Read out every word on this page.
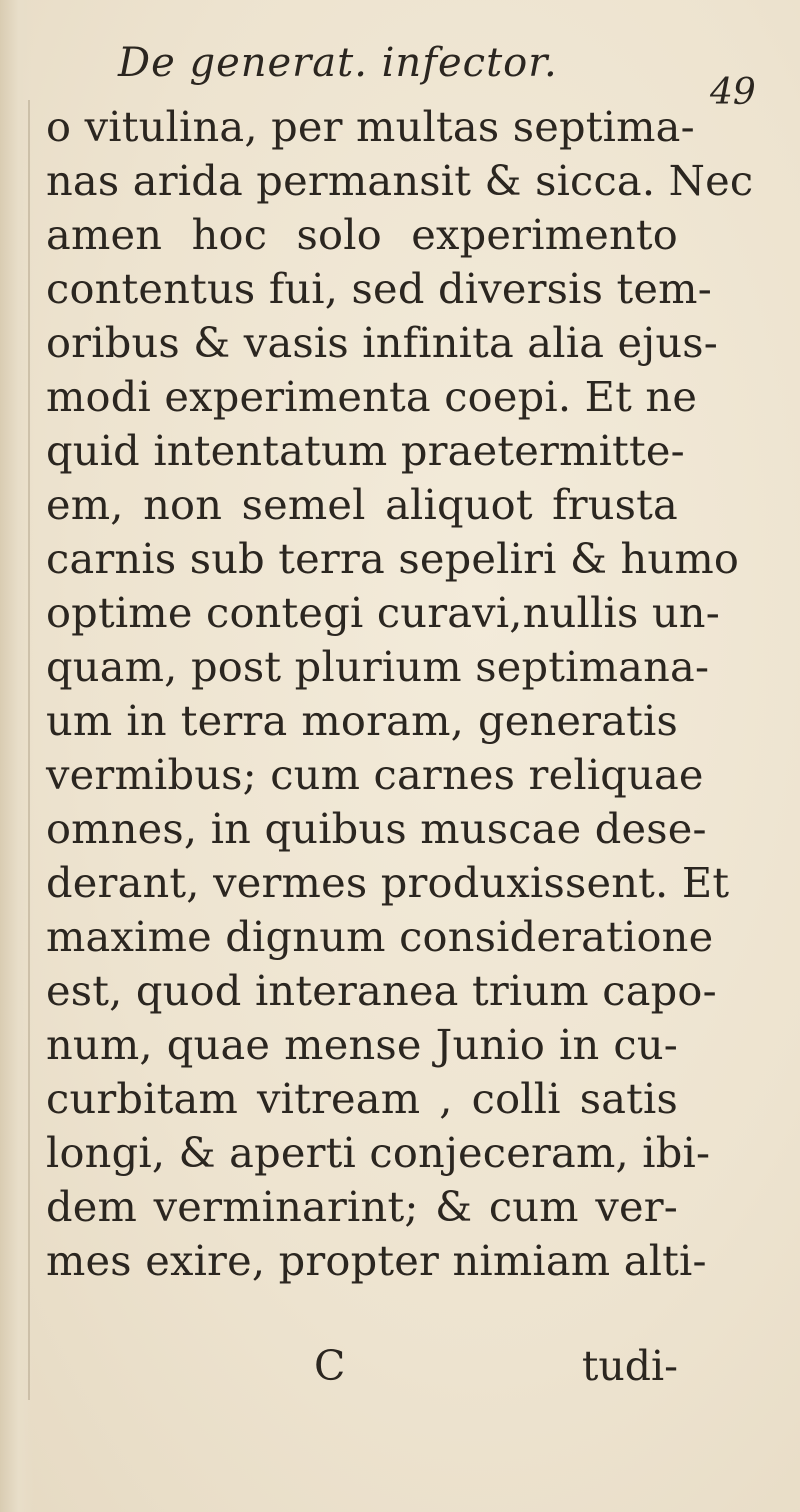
De generat. infector.
49
o vitulina, per multas septima-
nas arida permansit & sicca. Nec
amen hoc solo experimento
contentus fui, sed diversis tem-
oribus & vasis infinita alia ejus-
modi experimenta coepi. Et ne
quid intentatum praetermitte-
em, non semel aliquot frusta
carnis sub terra sepeliri & humo
optime contegi curavi,nullis un-
quam, post plurium septimana-
um in terra moram, generatis
vermibus; cum carnes reliquae
omnes, in quibus muscae dese-
derant, vermes produxissent. Et
maxime dignum consideratione
est, quod interanea trium capo-
num, quae mense Junio in cu-
curbitam vitream , colli satis
longi, & aperti conjeceram, ibi-
dem verminarint; & cum ver-
mes exire, propter nimiam alti-
C	tudi-
